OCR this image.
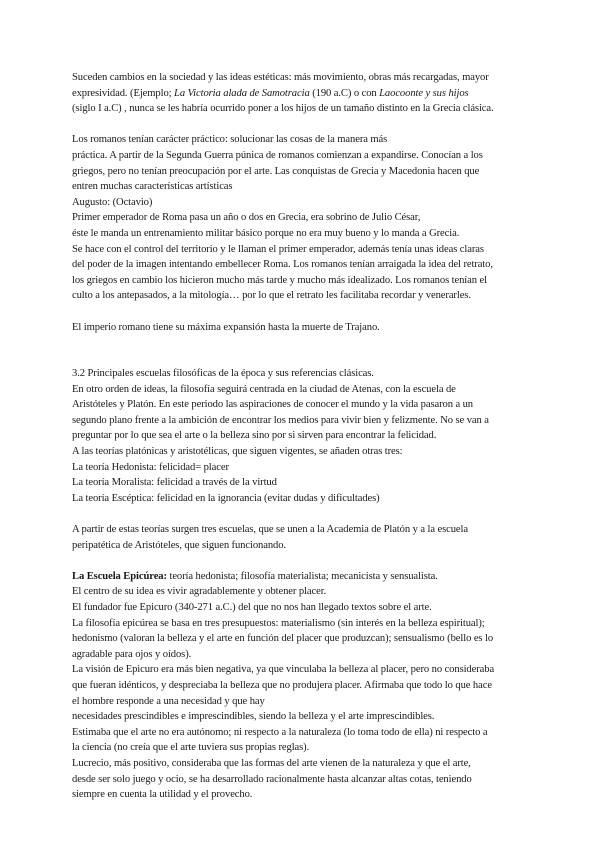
Suceden cambios en la sociedad y las ideas estéticas: más movimiento, obras más recargadas, mayor
expresividad. (Ejemplo; La Victoria alada de Samotracia (190 a.C) o con Laocoonte y sus hijos
(siglo I a.C) , nunca se les habría ocurrido poner a los hijos de un tamaño distinto en la Grecia clásica.
Los romanos tenían carácter práctico: solucionar las cosas de la manera más
práctica. A partir de la Segunda Guerra púnica de romanos comienzan a expandirse. Conocían a los
griegos, pero no tenían preocupación por el arte. Las conquistas de Grecia y Macedonia hacen que
entren muchas características artísticas
Augusto: (Octavio)
Primer emperador de Roma pasa un año o dos en Grecia, era sobrino de Julio César,
éste le manda un entrenamiento militar básico porque no era muy bueno y lo manda a Grecia.
Se hace con el control del territorio y le llaman el primer emperador, además tenía unas ideas claras
del poder de la imagen intentando embellecer Roma. Los romanos tenían arraigada la idea del retrato,
los griegos en cambio los hicieron mucho más tarde y mucho más idealizado. Los romanos tenían el
culto a los antepasados, a la mitología… por lo que el retrato les facilitaba recordar y venerarles.
El imperio romano tiene su máxima expansión hasta la muerte de Trajano.
3.2 Principales escuelas filosóficas de la época y sus referencias clásicas.
En otro orden de ideas, la filosofía seguirá centrada en la ciudad de Atenas, con la escuela de
Aristóteles y Platón. En este periodo las aspiraciones de conocer el mundo y la vida pasaron a un
segundo plano frente a la ambición de encontrar los medios para vivir bien y felizmente. No se van a
preguntar por lo que sea el arte o la belleza sino por si sirven para encontrar la felicidad.
A las teorías platónicas y aristotélicas, que siguen vigentes, se añaden otras tres:
La teoría Hedonista: felicidad= placer
La teoría Moralista: felicidad a través de la virtud
La teoría Escéptica: felicidad en la ignorancia (evitar dudas y dificultades)
A partir de estas teorías surgen tres escuelas, que se unen a la Academia de Platón y a la escuela
peripatética de Aristóteles, que siguen funcionando.
La Escuela Epicúrea: teoría hedonista; filosofía materialista; mecanicista y sensualista.
El centro de su idea es vivir agradablemente y obtener placer.
El fundador fue Epicuro (340-271 a.C.) del que no nos han llegado textos sobre el arte.
La filosofía epicúrea se basa en tres presupuestos: materialismo (sin interés en la belleza espiritual);
hedonismo (valoran la belleza y el arte en función del placer que produzcan); sensualismo (bello es lo
agradable para ojos y oídos).
La visión de Epicuro era más bien negativa, ya que vinculaba la belleza al placer, pero no consideraba
que fueran idénticos, y despreciaba la belleza que no produjera placer. Afirmaba que todo lo que hace
el hombre responde a una necesidad y que hay
necesidades prescindibles e imprescindibles, siendo la belleza y el arte imprescindibles.
Estimaba que el arte no era autónomo; ni respecto a la naturaleza (lo toma todo de ella) ni respecto a
la ciencia (no creía que el arte tuviera sus propias reglas).
Lucrecio, más positivo, consideraba que las formas del arte vienen de la naturaleza y que el arte,
desde ser solo juego y ocio, se ha desarrollado racionalmente hasta alcanzar altas cotas, teniendo
siempre en cuenta la utilidad y el provecho.
